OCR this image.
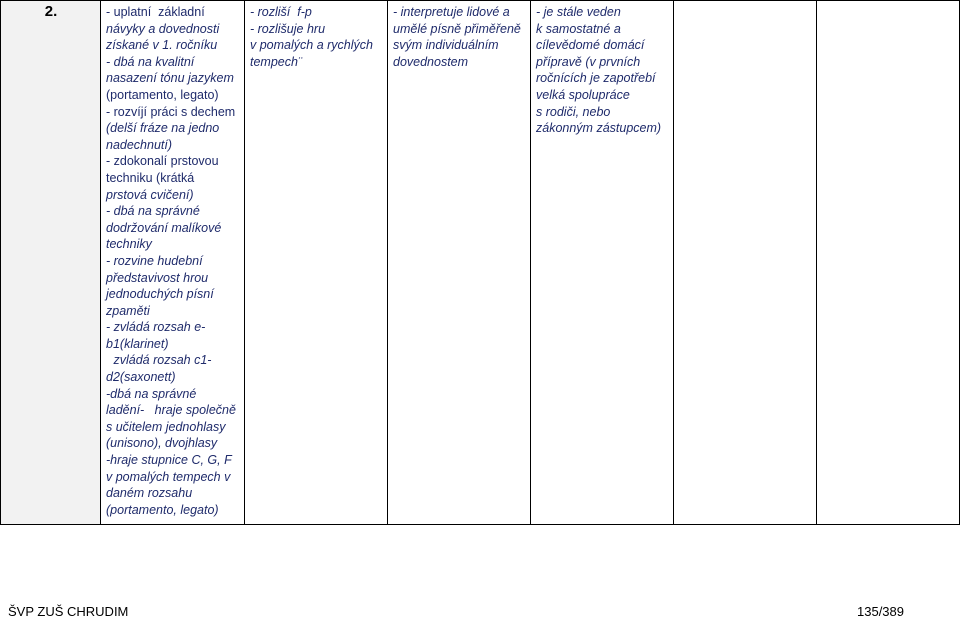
2.	- uplatní  základní
návyky a dovednosti
získané v 1. ročníku
- dbá na kvalitní
nasazení tónu jazykem
(portamento, legato)
- rozvíjí práci s dechem
(delší fráze na jedno
nadechnutí)
- zdokonalí prstovou
techniku (krátká
prstová cvičení)
- dbá na správné
dodržování malíkové
techniky
- rozvine hudební
představivost hrou
jednoduchých písní
zpaměti
- zvládá rozsah e-
b1(klarinet)
zvládá rozsah c1-
d2(saxonett)
-dbá na správné
ladění-   hraje společně
s učitelem jednohlasy
(unisono), dvojhlasy
-hraje stupnice C, G, F
v pomalých tempech v
daném rozsahu
(portamento, legato)

- rozliší  f-p
- rozlišuje hru
v pomalých a rychlých
tempech¨

- interpretuje lidové a
umělé písně přiměřeně
svým individuálním
dovednostem

- je stále veden
k samostatné a
cílevědomé domácí
přípravě (v prvních
ročnících je zapotřebí
velká spolupráce
s rodiči, nebo
zákonným zástupcem)

ŠVP ZUŠ CHRUDIM	135/389
